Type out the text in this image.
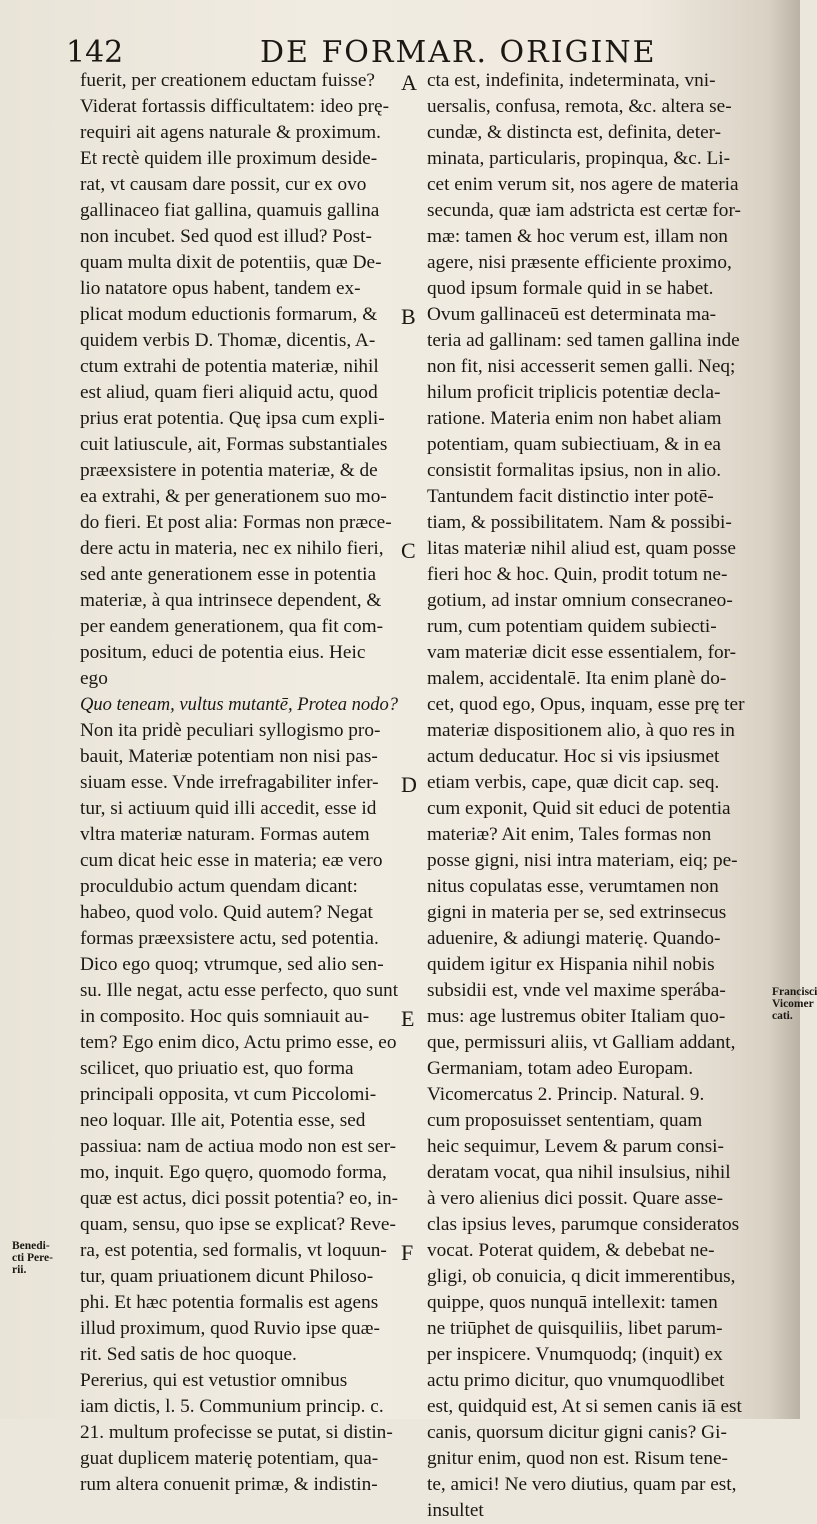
142	DE FORMAR. ORIGINE
fuerit, per creationem eductam fuisse?
Viderat fortassis difficultatem: ideo prę-
requiri ait agens naturale & proximum.
Et rectè quidem ille proximum deside-
rat, vt causam dare possit, cur ex ovo
gallinaceo fiat gallina, quamuis gallina
non incubet. Sed quod est illud? Post-
quam multa dixit de potentiis, quæ De-
lio natatore opus habent, tandem ex-
plicat modum eductionis formarum, &
quidem verbis D. Thomæ, dicentis, A-
ctum extrahi de potentia materiæ, nihil
est aliud, quam fieri aliquid actu, quod
prius erat potentia. Quę ipsa cum expli-
cuit latiuscule, ait, Formas substantiales
præexsistere in potentia materiæ, & de
ea extrahi, & per generationem suo mo-
do fieri. Et post alia: Formas non præce-
dere actu in materia, nec ex nihilo fieri,
sed ante generationem esse in potentia
materiæ, à qua intrinsece dependent, &
per eandem generationem, qua fit com-
positum, educi de potentia eius. Heic
ego
Quo teneam, vultus mutantē, Protea nodo?
Non ita pridè peculiari syllogismo pro-
bauit, Materiæ potentiam non nisi pas-
siuam esse. Vnde irrefragabiliter infer-
tur, si actiuum quid illi accedit, esse id
vltra materiæ naturam. Formas autem
cum dicat heic esse in materia; eæ vero
proculdubio actum quendam dicant:
habeo, quod volo. Quid autem? Negat
formas præexsistere actu, sed potentia.
Dico ego quoq; vtrumque, sed alio sen-
su. Ille negat, actu esse perfecto, quo sunt
in composito. Hoc quis somniauit au-
tem? Ego enim dico, Actu primo esse, eo
scilicet, quo priuatio est, quo forma
principali opposita, vt cum Piccolomi-
neo loquar. Ille ait, Potentia esse, sed
passiua: nam de actiua modo non est ser-
mo, inquit. Ego quęro, quomodo forma,
quæ est actus, dici possit potentia? eo, in-
quam, sensu, quo ipse se explicat? Reve-
ra, est potentia, sed formalis, vt loquun-
tur, quam priuationem dicunt Philoso-
phi. Et hæc potentia formalis est agens
illud proximum, quod Ruvio ipse quæ-
rit. Sed satis de hoc quoque.
Pererius, qui est vetustior omnibus
iam dictis, l. 5. Communium princip. c.
21. multum profecisse se putat, si distin-
guat duplicem materię potentiam, qua-
rum altera conuenit primæ, & indistin-
cta est, indefinita, indeterminata, vni-
uersalis, confusa, remota, &c. altera se-
cundæ, & distincta est, definita, deter-
minata, particularis, propinqua, &c. Li-
cet enim verum sit, nos agere de materia
secunda, quæ iam adstricta est certæ for-
mæ: tamen & hoc verum est, illam non
agere, nisi præsente efficiente proximo,
quod ipsum formale quid in se habet.
Ovum gallinaceū est determinata ma-
teria ad gallinam: sed tamen gallina inde
non fit, nisi accesserit semen galli. Neq;
hilum proficit triplicis potentiæ decla-
ratione. Materia enim non habet aliam
potentiam, quam subiectiuam, & in ea
consistit formalitas ipsius, non in alio.
Tantundem facit distinctio inter potē-
tiam, & possibilitatem. Nam & possibi-
litas materiæ nihil aliud est, quam posse
fieri hoc & hoc. Quin, prodit totum ne-
gotium, ad instar omnium consecraneo-
rum, cum potentiam quidem subiecti-
vam materiæ dicit esse essentialem, for-
malem, accidentalē. Ita enim planè do-
cet, quod ego, Opus, inquam, esse prę ter
materiæ dispositionem alio, à quo res in
actum deducatur. Hoc si vis ipsiusmet
etiam verbis, cape, quæ dicit cap. seq.
cum exponit, Quid sit educi de potentia
materiæ? Ait enim, Tales formas non
posse gigni, nisi intra materiam, eiq; pe-
nitus copulatas esse, verumtamen non
gigni in materia per se, sed extrinsecus
aduenire, & adiungi materię. Quando-
quidem igitur ex Hispania nihil nobis
subsidii est, vnde vel maxime sperába-
mus: age lustremus obiter Italiam quo-
que, permissuri aliis, vt Galliam addant,
Germaniam, totam adeo Europam.
Vicomercatus 2. Princip. Natural. 9.
cum proposuisset sententiam, quam
heic sequimur, Levem & parum consi-
deratam vocat, qua nihil insulsius, nihil
à vero alienius dici possit. Quare asse-
clas ipsius leves, parumque consideratos
vocat. Poterat quidem, & debebat ne-
gligi, ob conuicia, q dicit immerentibus,
quippe, quos nunquā intellexit: tamen
ne triūphet de quisquiliis, libet parum-
per inspicere. Vnumquodq; (inquit) ex
actu primo dicitur, quo vnumquodlibet
est, quidquid est, At si semen canis iā est
canis, quorsum dicitur gigni canis? Gi-
gnitur enim, quod non est. Risum tene-
te, amici! Ne vero diutius, quam par est,
insultet
A
B
C
D
E
F
Francisci
Vicomer
cati.
Benedi-
cti Pere-
rii.
